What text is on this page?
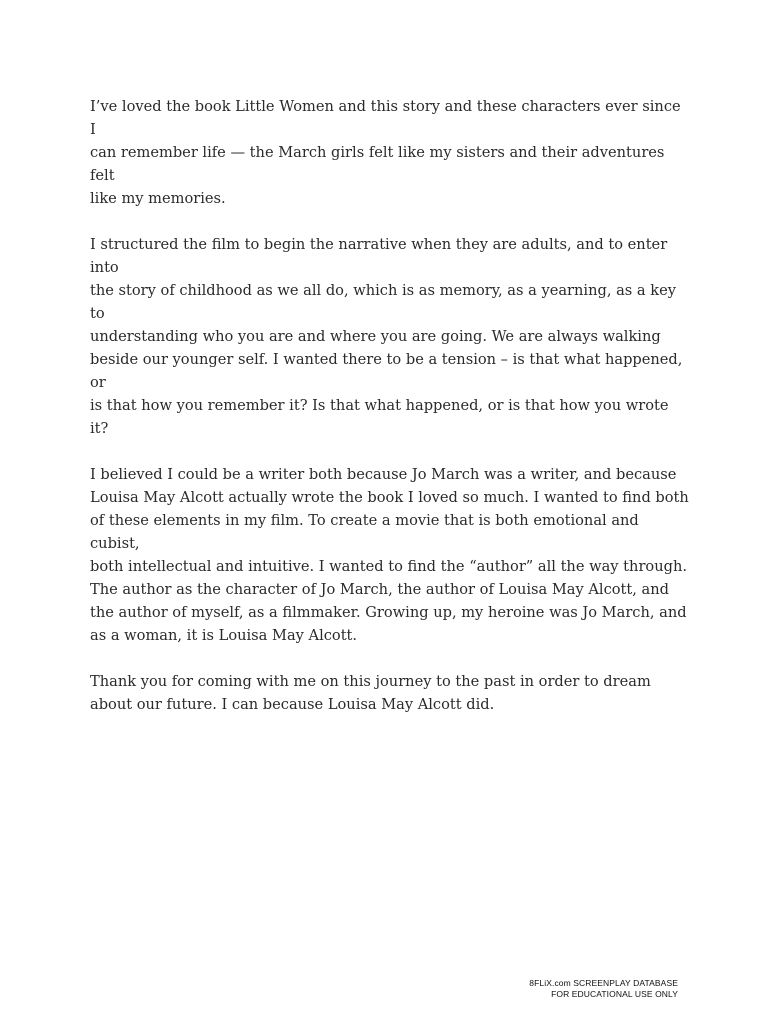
I’ve loved the book Little Women and this story and these characters ever since I
can remember life — the March girls felt like my sisters and their adventures felt
like my memories.

I structured the film to begin the narrative when they are adults, and to enter into
the story of childhood as we all do, which is as memory, as a yearning, as a key to
understanding who you are and where you are going. We are always walking
beside our younger self. I wanted there to be a tension – is that what happened, or
is that how you remember it? Is that what happened, or is that how you wrote it?

I believed I could be a writer both because Jo March was a writer, and because
Louisa May Alcott actually wrote the book I loved so much. I wanted to find both
of these elements in my film. To create a movie that is both emotional and cubist,
both intellectual and intuitive. I wanted to find the “author” all the way through.
The author as the character of Jo March, the author of Louisa May Alcott, and
the author of myself, as a filmmaker. Growing up, my heroine was Jo March, and
as a woman, it is Louisa May Alcott.

Thank you for coming with me on this journey to the past in order to dream
about our future. I can because Louisa May Alcott did.

8FLiX.com SCREENPLAY DATABASE
FOR EDUCATIONAL USE ONLY
